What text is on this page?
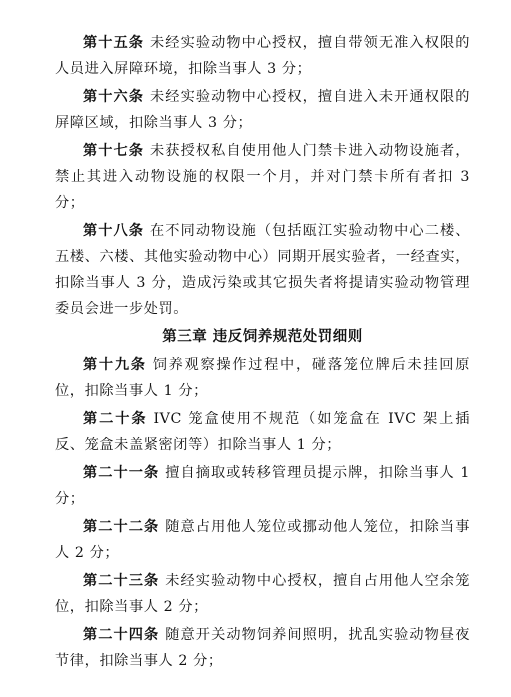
第十五条 未经实验动物中心授权，擅自带领无准入权限的人员进入屏障环境，扣除当事人 3 分；

第十六条 未经实验动物中心授权，擅自进入未开通权限的屏障区域，扣除当事人 3 分；

第十七条 未获授权私自使用他人门禁卡进入动物设施者，禁止其进入动物设施的权限一个月，并对门禁卡所有者扣 3 分；

第十八条 在不同动物设施（包括瓯江实验动物中心二楼、五楼、六楼、其他实验动物中心）同期开展实验者，一经查实，扣除当事人 3 分，造成污染或其它损失者将提请实验动物管理委员会进一步处罚。

第三章 违反饲养规范处罚细则

第十九条 饲养观察操作过程中，碰落笼位牌后未挂回原位，扣除当事人 1 分；

第二十条 IVC 笼盒使用不规范（如笼盒在 IVC 架上插反、笼盒未盖紧密闭等）扣除当事人 1 分；

第二十一条 擅自摘取或转移管理员提示牌，扣除当事人 1 分；

第二十二条 随意占用他人笼位或挪动他人笼位，扣除当事人 2 分；

第二十三条 未经实验动物中心授权，擅自占用他人空余笼位，扣除当事人 2 分；

第二十四条 随意开关动物饲养间照明，扰乱实验动物昼夜节律，扣除当事人 2 分；
